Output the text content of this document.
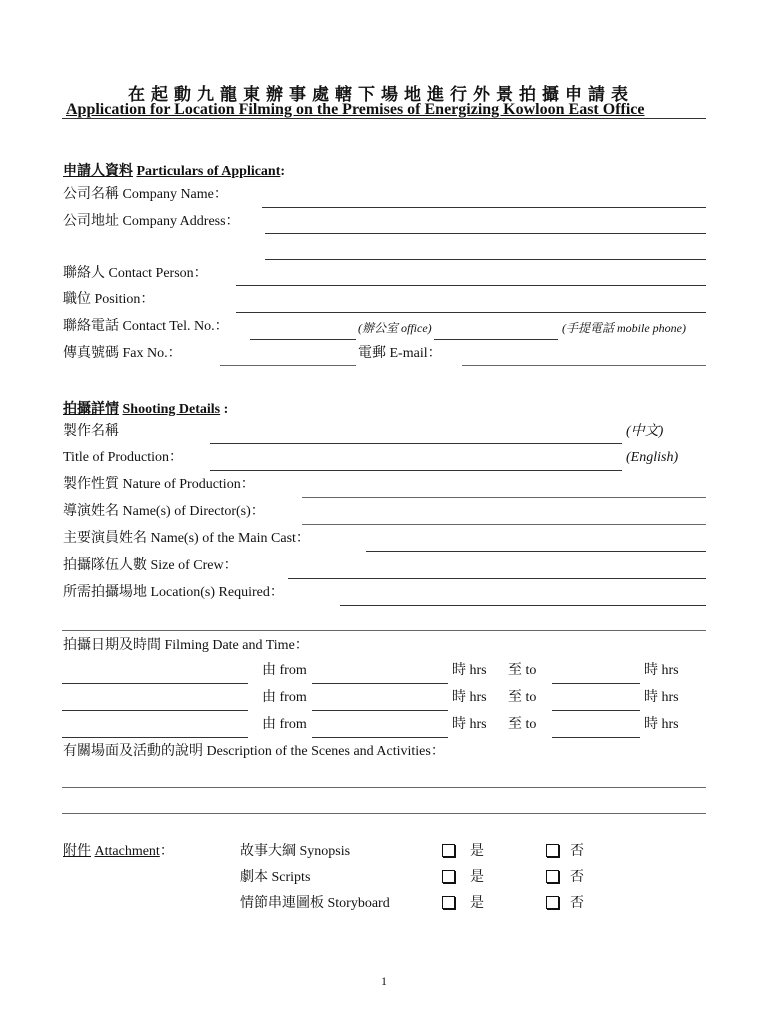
在起動九龍東辦事處轄下場地進行外景拍攝申請表
Application for Location Filming on the Premises of Energizing Kowloon East Office
申請人資料 Particulars of Applicant:
公司名稱 Company Name：
公司地址 Company Address：
聯絡人 Contact Person：
職位 Position：
聯絡電話 Contact Tel. No.：	(辦公室 office)	(手提電話 mobile phone)
傳真號碼 Fax No.：	電郵 E-mail：
拍攝詳情 Shooting Details :
製作名稱	(中文)
Title of Production：	(English)
製作性質 Nature of Production：
導演姓名 Name(s) of Director(s)：
主要演員姓名 Name(s) of the Main Cast：
拍攝隊伍人數 Size of Crew：
所需拍攝場地 Location(s) Required：
拍攝日期及時間 Filming Date and Time：
由 from	時 hrs 至 to	時 hrs
由 from	時 hrs 至 to	時 hrs
由 from	時 hrs 至 to	時 hrs
有關場面及活動的說明 Description of the Scenes and Activities：
附件 Attachment：	故事大綱 Synopsis	是	否
劇本 Scripts	是	否
情節串連圖板 Storyboard	是	否
1
